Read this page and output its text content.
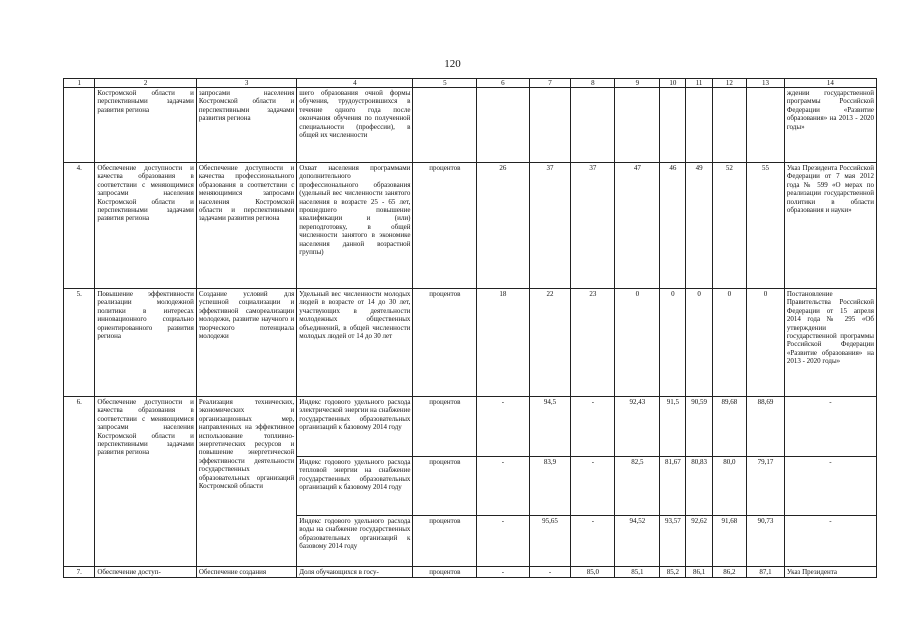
120
1	2	3	4	5	6	7	8	9	10	11	12	13	14
	Костромской области и перспективными задачами развития региона	запросами населения Костромской области и перспективными задачами развития региона	шего образования очной формы обучения, трудоустроившихся в течение одного года после окончания обучения по полученной специальности (профессии), в общей их численности										ждении государственной программы Российской Федерации «Развитие образования» на 2013 - 2020 годы»
4.	Обеспечение доступности и качества образования в соответствии с меняющимися запросами населения Костромской области и перспективными задачами развития региона	Обеспечение доступности и качества профессионального образования в соответствии с меняющимися запросами населения Костромской области и перспективными задачами развития региона	Охват населения программами дополнительного профессионального образования (удельный вес численности занятого населения в возрасте 25 - 65 лет, прошедшего повышение квалификации и (или) переподготовку, в общей численности занятого в экономике населения данной возрастной группы)	процентов	26	37	37	47	46	49	52	55	Указ Президента Российской Федерации от 7 мая 2012 года № 599 «О мерах по реализации государственной политики в области образования и науки»
5.	Повышение эффективности реализации молодежной политики в интересах инновационного социально ориентированного развития региона	Создание условий для успешной социализации и эффективной самореализации молодежи, развитие научного и творческого потенциала молодежи	Удельный вес численности молодых людей в возрасте от 14 до 30 лет, участвующих в деятельности молодежных общественных объединений, в общей численности молодых людей от 14 до 30 лет	процентов	18	22	23	0	0	0	0	0	Постановление Правительства Российской Федерации от 15 апреля 2014 года № 295 «Об утверждении государственной программы Российской Федерации «Развитие образования» на 2013 - 2020 годы»
6.	Обеспечение доступности и качества образования в соответствии с меняющимися запросами населения Костромской области и перспективными задачами развития региона	Реализация технических, экономических и организационных мер, направленных на эффективное использование топливно-энергетических ресурсов и повышение энергетической эффективности деятельности государственных образовательных организаций Костромской области	Индекс годового удельного расхода электрической энергии на снабжение государственных образовательных организаций к базовому 2014 году	процентов	-	94,5	-	92,43	91,5	90,59	89,68	88,69	-
			Индекс годового удельного расхода тепловой энергии на снабжение государственных образовательных организаций к базовому 2014 году	процентов	-	83,9	-	82,5	81,67	80,83	80,0	79,17	-
			Индекс годового удельного расхода воды на снабжение государственных образовательных организаций к базовому 2014 году	процентов	-	95,65	-	94,52	93,57	92,62	91,68	90,73	-
7.	Обеспечение доступ-	Обеспечение создания	Доля обучающихся в госу-	процентов	-	-	85,0	85,1	85,2	86,1	86,2	87,1	Указ Президента
